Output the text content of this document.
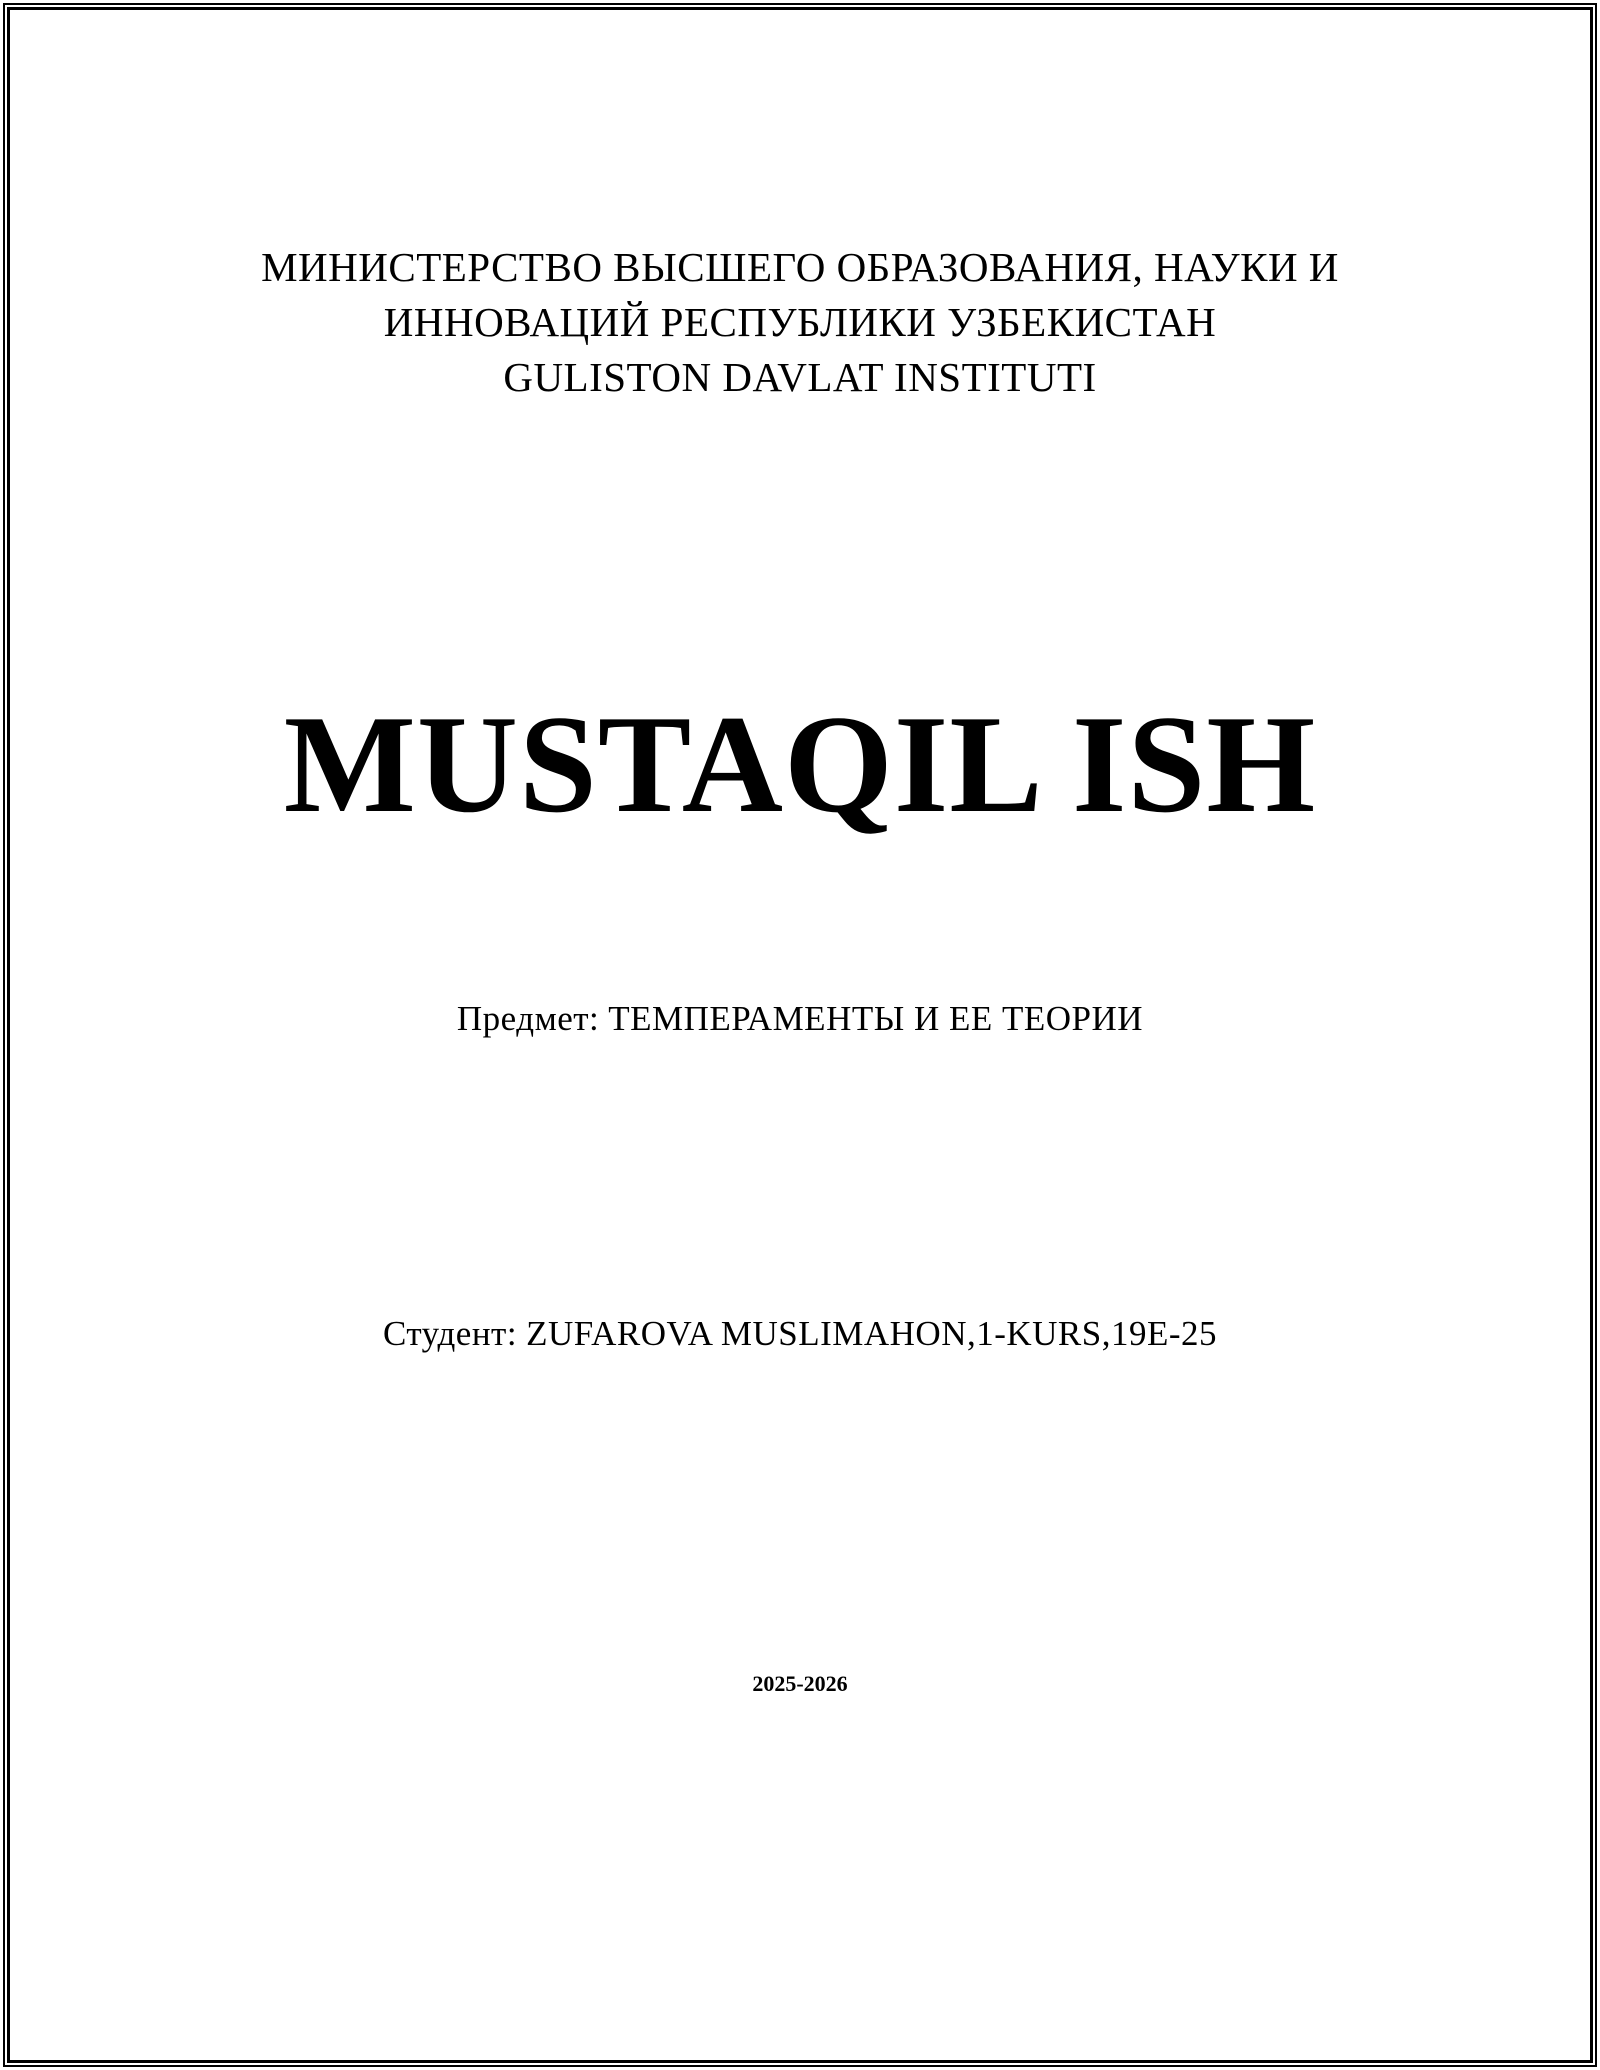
МИНИСТЕРСТВО ВЫСШЕГО ОБРАЗОВАНИЯ, НАУКИ И
ИННОВАЦИЙ РЕСПУБЛИКИ УЗБЕКИСТАН
GULISTON DAVLAT INSTITUTI
MUSTAQIL ISH
Предмет: ТЕМПЕРАМЕНТЫ И ЕЕ ТЕОРИИ
Студент: ZUFAROVA MUSLIMAHON,1-KURS,19E-25
2025-2026
